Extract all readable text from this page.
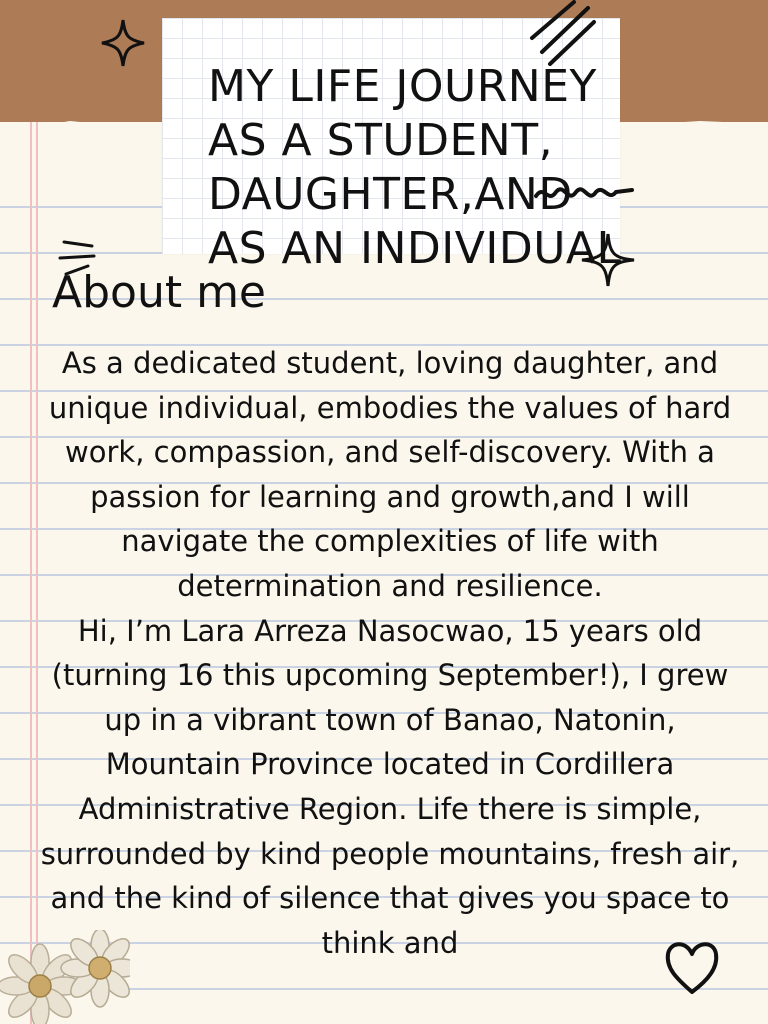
MY LIFE JOURNEY AS A STUDENT, DAUGHTER,AND AS AN INDIVIDUAL
About me

As a dedicated student, loving daughter, and unique individual, embodies the values of hard work, compassion, and self-discovery. With a passion for learning and growth,and I will navigate the complexities of life with determination and resilience.

Hi, I’m Lara Arreza Nasocwao, 15 years old (turning 16 this upcoming September!), I grew up in a vibrant town of Banao, Natonin, Mountain Province located in Cordillera Administrative Region. Life there is simple, surrounded by kind people mountains, fresh air, and the kind of silence that gives you space to think and
